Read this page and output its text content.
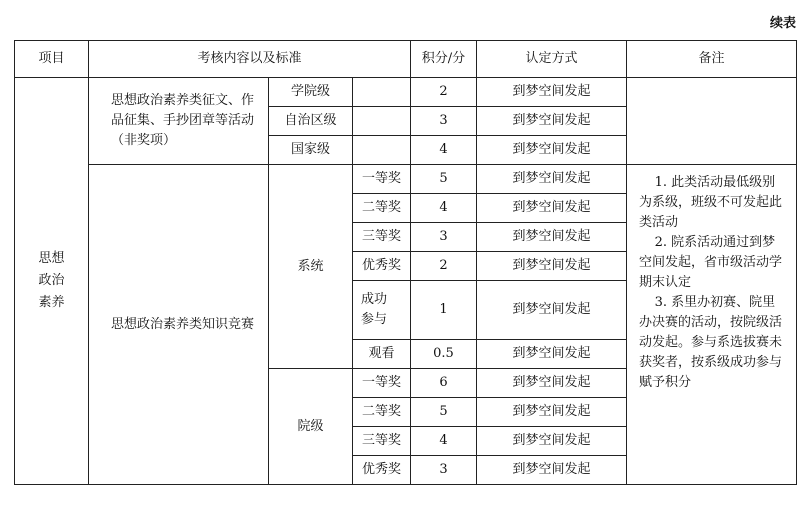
续表
项目	考核内容以及标准			积分/分	认定方式	备注
思想政治素养	思想政治素养类征文、作品征集、手抄团章等活动（非奖项）	学院级		2	到梦空间发起	
		自治区级		3	到梦空间发起	
		国家级		4	到梦空间发起	
	思想政治素养类知识竞赛	系统	一等奖	5	到梦空间发起	1. 此类活动最低级别为系级，班级不可发起此类活动
2. 院系活动通过到梦空间发起，省市级活动学期末认定
3. 系里办初赛、院里办决赛的活动，按院级活动发起。参与系选拔赛未获奖者，按系级成功参与赋予积分

			二等奖	4	到梦空间发起	
			三等奖	3	到梦空间发起	
			优秀奖	2	到梦空间发起	
			成功参与	1	到梦空间发起	
			观看	0.5	到梦空间发起	
		院级	一等奖	6	到梦空间发起	
			二等奖	5	到梦空间发起	
			三等奖	4	到梦空间发起	
			优秀奖	3	到梦空间发起	
